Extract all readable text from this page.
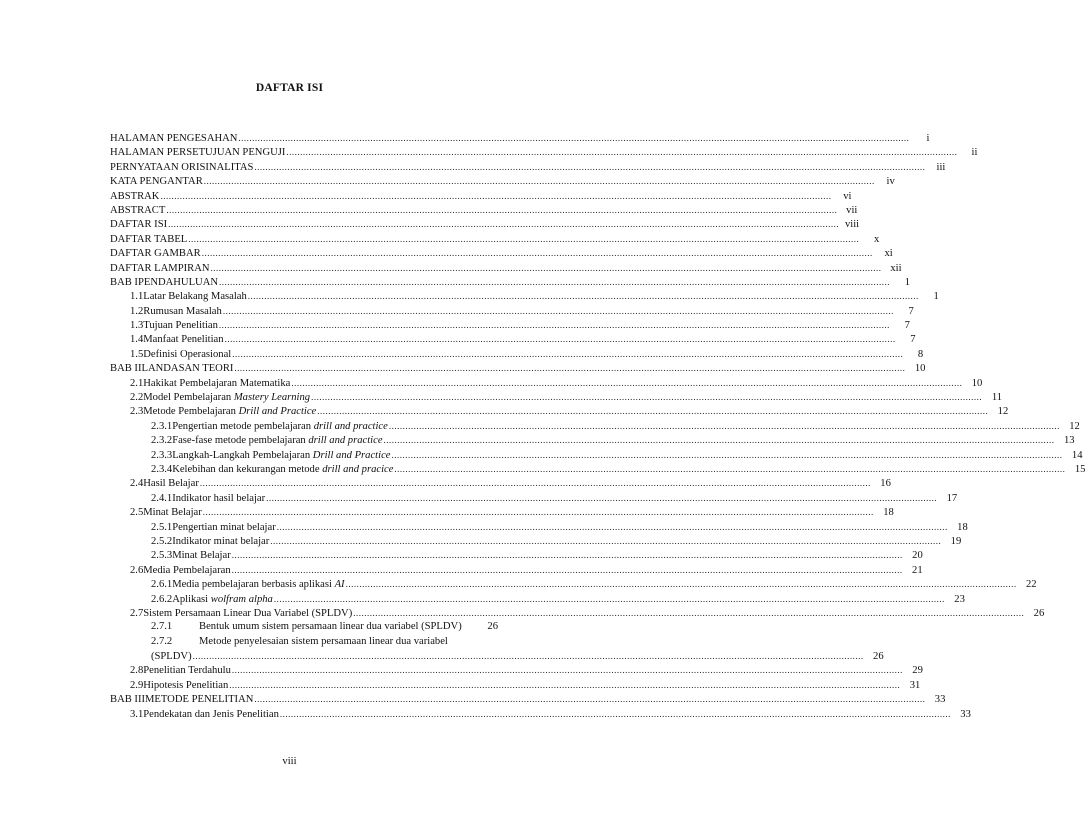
DAFTAR ISI
HALAMAN PENGESAHAN .....	i
HALAMAN PERSETUJUAN PENGUJI .....	ii
PERNYATAAN ORISINALITAS .....	iii
KATA PENGANTAR .....	iv
ABSTRAK .....	vi
ABSTRACT .....	vii
DAFTAR ISI .....	viii
DAFTAR TABEL .....	x
DAFTAR GAMBAR .....	xi
DAFTAR LAMPIRAN .....	xii
BAB I PENDAHULUAN .....	1
1.1 Latar Belakang Masalah .....	1
1.2 Rumusan Masalah .....	7
1.3 Tujuan Penelitian .....	7
1.4 Manfaat Penelitian .....	7
1.5 Definisi Operasional .....	8
BAB II LANDASAN TEORI .....	10
2.1 Hakikat Pembelajaran Matematika .....	10
2.2 Model Pembelajaran Mastery Learning .....	11
2.3 Metode Pembelajaran Drill and Practice .....	12
2.3.1 Pengertian metode pembelajaran drill and practice .....	12
2.3.2 Fase-fase metode pembelajaran drill and practice .....	13
2.3.3 Langkah-Langkah Pembelajaran Drill and Practice .....	14
2.3.4 Kelebihan dan kekurangan metode drill and pracice .....	15
2.4 Hasil Belajar .....	16
2.4.1 Indikator hasil belajar .....	17
2.5 Minat Belajar .....	18
2.5.1 Pengertian minat belajar .....	18
2.5.2 Indikator minat belajar .....	19
2.5.3 Minat Belajar .....	20
2.6 Media Pembelajaran .....	21
2.6.1 Media pembelajaran berbasis aplikasi AI .....	22
2.6.2 Aplikasi wolfram alpha .....	23
2.7 Sistem Persamaan Linear Dua Variabel (SPLDV) .....	26
2.7.1	Bentuk umum sistem persamaan linear dua variabel (SPLDV)	26
2.7.2	Metode penyelesaian sistem persamaan linear dua variabel
(SPLDV) .....	26
2.8 Penelitian Terdahulu .....	29
2.9 Hipotesis Penelitian .....	31
BAB III METODE PENELITIAN .....	33
3.1 Pendekatan dan Jenis Penelitian .....	33
viii
